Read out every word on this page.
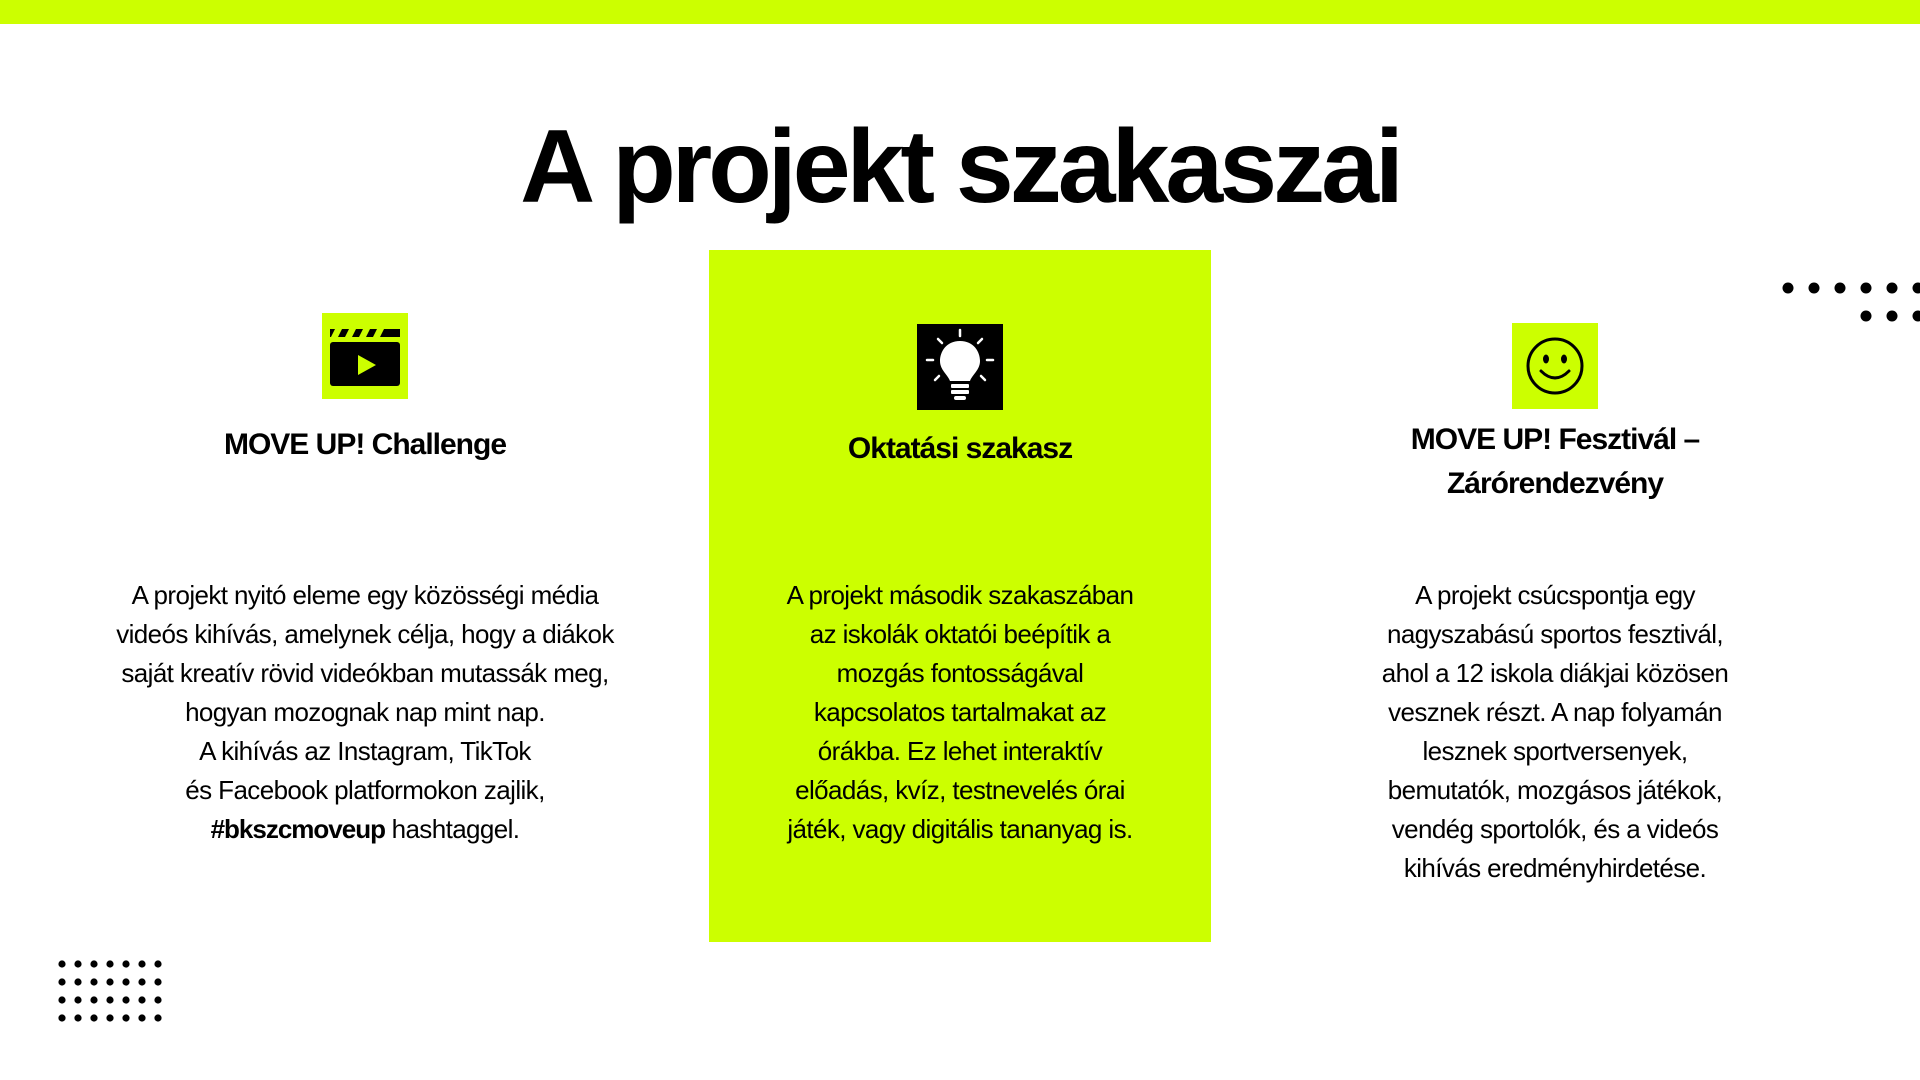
A projekt szakaszai
MOVE UP! Challenge
A projekt nyitó eleme egy közösségi média
videós kihívás, amelynek célja, hogy a diákok
saját kreatív rövid videókban mutassák meg,
hogyan mozognak nap mint nap.
A kihívás az Instagram, TikTok
és Facebook platformokon zajlik,
#bkszcmoveup hashtaggel.
Oktatási szakasz
A projekt második szakaszában
az iskolák oktatói beépítik a
mozgás fontosságával
kapcsolatos tartalmakat az
órákba. Ez lehet interaktív
előadás, kvíz, testnevelés órai
játék, vagy digitális tananyag is.
MOVE UP! Fesztivál –
Zárórendezvény
A projekt csúcspontja egy
nagyszabású sportos fesztivál,
ahol a 12 iskola diákjai közösen
vesznek részt. A nap folyamán
lesznek sportversenyek,
bemutatók, mozgásos játékok,
vendég sportolók, és a videós
kihívás eredményhirdetése.
